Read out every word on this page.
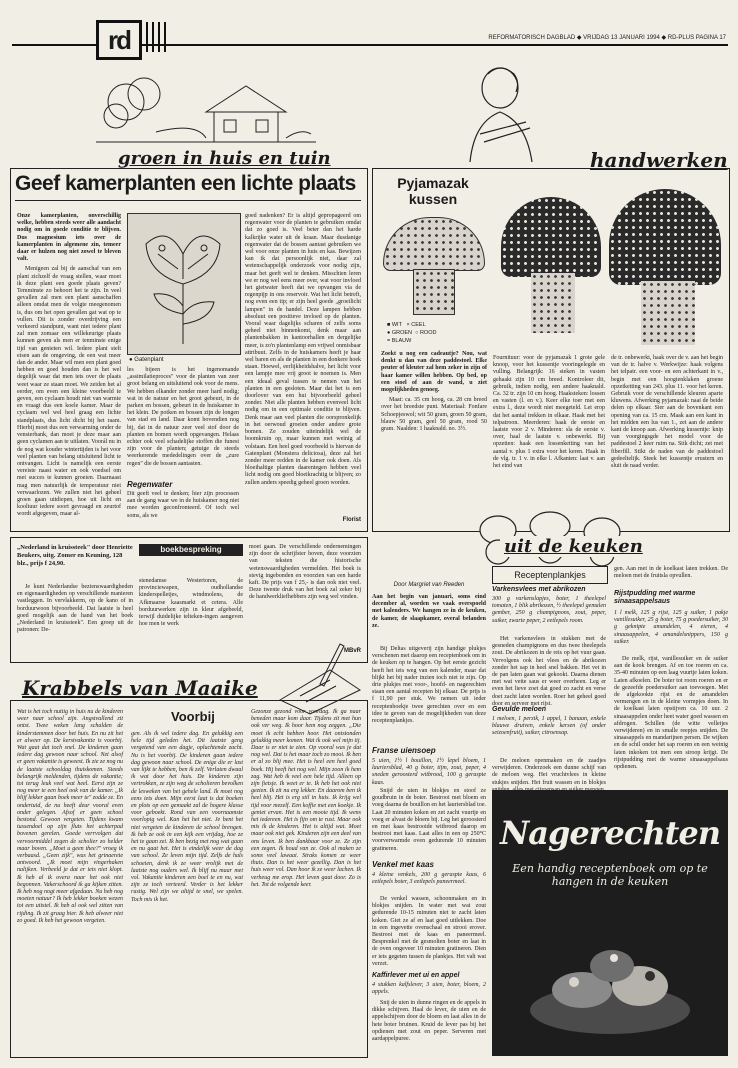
rd	REFORMATORISCH DAGBLAD ◆ VRIJDAG 13 JANUARI 1994 ◆ RD-PLUS PAGINA 17
groen in huis en tuin	handwerken
Geef kamerplanten een lichte plaats

Onze kamerplanten, onverschillig welke, hebben steeds weer alle aandacht nodig om in goede conditie te blijven. Dus magnesium iets over de kamerplanten in algemene zin, temeer daar er hulzen nog niet zowel te bleven valt.

Menigeen zal bij de aanschaf van een plant zichzelf de vraag stellen, waar moet ik deze plant een goede plaats geven? Temminste zo behoort het te zijn. In veel gevallen zal men een plant aanschaffen alleen omdat men de volgte meegenomen is, dus om het open gevallen gat wat op te vullen. Dit is zonder overdrijving een verkeerd standpunt, want niet iedere plant zal men zomaar een willekeurige plaats kunnen geven als men er tenminste enige tijd van genieten wil. Iedere plant stelt eisen aan de omgeving, de een wat meer dan de ander. Maar wil men een plant goed hebben en goed houden dan is het wel degelijk waar dat men iets over de plaats weet waar ze staan moet. We zeiden het al eerder, om even een kleine voorbeeld te geven, een cyclaam houdt niet van warmte en vraagt dus een koele kamer. Maar de cyclaam wel wel heel graag een lichte standplaats, dus licht dicht bij het raam. Hierbij moet dus een verwarming onder de vensterbank, dan moet je deze maar aan geen cyclamen aan te uitlaten. Voorál nu in de nog wat kouder wintertijden is het voor veel planten van belang uitsluitend licht te ontvangen. Licht is namelijk een eerste vereiste naast water en ook voedsel om met succes te kunnen groeien. Daarnaast mag men natuurlijk de temperatuur niet verwaarlozen. We zullen niet het geheel groen gaan uitdiepen, hoe uit licht en kooltuur iedere soort gevraagd en zeurtof wordt afgegeven, maar al-

● Gatenplant

les bijeen is het ingenomande „assimilatieproces" voor de planten van zeer groot belang en uitsluitend ook voor de mens. We hebben elkander zonder meer hard nodig; wat in de natuur en het groot gebeurt, in de parken en bossen, gebeurt in de huiskamer in het klein. De potken en bossen zijn de longen van stad en land. Daar komt bovendien nog bij, dat in de natuur zeer veel stof door de planten en bomen wordt opgevangen. Helaas echter ook veel schadelijke stoffen die funest zijn voor de planten; getuige de steeds weerkerende mededelingen over de „zure regen" die de bossen aantasten.

Regenwater

Dit geeft veel te denken; hier zijn processen aan de gang waar we in de huiskamer nog niet mee worden geconfronteerd. Of toch wel soms, als we

goed nadenken? Er is altijd gepropageerd om regenwater voor de planten te gebruiken omdat dat zo goed is. Veel beter dan het harde kalkrijke water uit de kraan. Maar dusdanige regenwater dat de bossen aantast gebruiken we wel voor onze planten in huis en kas. Bewijzen kan ik dat persoonlijk niet, daar zal wetenschappelijk onderzoek voor nodig zijn, maar het geeft wel te denken. Misschien leren we er nog wel eens meer over, wat voor invloed het gietwater heeft dat we opvangen via de regenpijp in ons reservoir. Wat het licht betreft, nog even een tip; er zijn heel goede „groeilicht lampen" in de handel. Deze lampen hebben absoluut een positieve invloed op de planten. Vooral waar dagelijks scharen of zelfs soms geheel niet binnenkomt, denk maar aan plantenbakken in kantoorhallen en dergelijke meer, is zo'n plantenlamp een vrijwel onmisbaar attribuut. Zelfs in de huiskamers heeft je haar wel baren en als de planten in een donkere hoek staan. Hoewel, eerlijkheidshalve, het licht voor een lampje mee vrij groot te noemen is. Men een ideaal geval tussen te nemen van het planten in een gesloten. Maar dat het is een doorlover van een hui bijvoorbeeld geheel zonder. Niet alle planten hebben evenveel licht nodig om in een optimale conditie te blijven. Denk maar aan veel planten die oorspronkelijk in het oerwoud groeien onder andere grote bomen. Ze zouden uiteindelijk wel de boomkruin op, maar kunnen met weinig af volstaan. Een heel goed voorbeeld is hiervan de Gatenplant (Monstera deliciosa), deze zal het zonder meer redden in de kamer ook doen. Als bloeihaltige planten daarentegen hebben veel licht nodig om goed bloeikrachtig te blijven; zo zullen anders speedig geheel groen worden.

Florist
Pyjamazak kussen
■ WIT × CEEL
● GROEN ○ ROOD
= BLAUW

Zoekt u nog een cadeautje? Nou, wat denkt u dan van deze paddestoel. Elke peuter of kleuter zal hem zeker in zijn of haar kamer willen hebben. Op bed, op een stoel of aan de wand, u ziet mogelijkheden genoeg.

Maat: ca. 35 cm hoog, ca. 28 cm breed over het breedste punt. Materiaal: Fonfare Schoepjeswol; wit 50 gram, groen 50 gram, blauw 50 gram, geel 50 gram, rood 50 gram. Naalden: 1 haaknald. no. 3½.

Fournituur: voor de pyjamazak 1 grote gele knoop, voor het kussentje vooringelegde en vulling. Belangrijk: 16 steken in vasten gehaakt zijn 10 cm breed. Kontroleer dit, gebruik, indien nodig, een andere haaknald. Ca. 32 tr. zijn 10 cm hoog. Haaksteken: lossen en vasten (l. en v.). Keer elke toer met een extra l., deze wordt niet meegeteld. Let erop dat het aantal trekken in elkaar. Haak met het telpatroon. Meerderen: haak de eerste en laatste voor 2 v. Minderen: sla de eerste v. over, haal de laatste v. onbewerkt. Bij opzetten: haak een lossenketting van het aantal v. plus 1 extra voor het keren. Haak in de vlg. tr. 1 v. in elke l. Afkanten: laat v. aan het eind van

de tr. onbewerkt, haak over de v. aan het begin van de tr. halve v. Werkwijze: haak volgens het telpatr. een voor- en een achterkant in v., begin met een hoogtenklaken groene opzetketting van 243. plus 11. voor het keren. Gebruik voor de verschillende kleuren aparte kluwens. Afwerking pyjamazak: naai de beide delen op elkaar. Sier aan de bovenkant een opening van ca. 15 cm. Maak aan een kant in het midden een lus van 1., zet aan de andere kant de knoop aan. Afwerking kussentje: knip van voorgingsgde het model voor de paddestoel 2 keer ruim na. Stik dicht; zet met fiberfill. Stikt de naden van de paddestoel gedeeltelijk. Steek het kussentje erustern en sluit de naad verder.

uit de keuken
„Nederland in kruissteek" door Henriette Beukers, uitg. Zomer en Keuning, 128 blz., prijs f 24,90.
boekbespreking

Je kunt Nederlandse bezienswaardigheden en eigenaardigheden op verschillende manieren vastleggen. In vervlakkerm, op de kano of in borduurwoon bijvoorbeeld. Dat laatste is heel goed mogelijk aan de hand van het boek „Nederland in kruissteek". Een groep uit de patronen: De-

stenedamse Westertoren, de provinciewapen, oudhollandse kinderspelletjes, windmolens, de Afkmaarse kaasmarkt et cetera. Alle borduurwerken zijn in kleur afgebeeld, terwijl duidelijke telteken-ingen aangeven hoe men te werk

moet gaan. De verschillende ondernemingen zijn door de schrijfster hoven, deze voorzien van teksten die historische wetenswaardigheden vermelden. Het boek is stevig ingebonden en voorzien van een harde kaft. De prijs van f 25,- is dan ook niet veel. Deze twente druk van het boek zal zeker bij de handwerkliefhebbers zijn weg wel vinden.

MBvR
Krabbels van Maaike
Voorbij

Wat is het toch nuttig in huis nu de kinderen weer naar school zijn. Angstvallend zit ontst. Twee weken lang schalden de kinderstemmen door het huis. En nu zit het er alweer op. De kerstvakantie is voorbij. Wat gaat dat toch snel. De kinderen gaan iedere dag gewoon naar school. Net alsof er geen vakantie is geweest. Ik zie ze nog nu de laatste schooldag thuiskomen. Steeds belangrijk meldenden, tijdens de vakantie; tot terug leuk veel wat heel. Eerst zijn ze nog meer te een heel ook van de kamer. „Ik blijf lekker gaan boek meer te" zodde ze. En ondertuid, de nu heeft deur vooral even onder gelegen. Afsof er geen school bestond. Gewoon vergeten. Tijdens kwam tussendoel op zijn fluts het achterpad bovenen gerelen. Goede verrvolgen dat vervoormiddel zegen de scholier zo helder maar boven. „Moet u geen thee?" vroeg ik verbaasd. „Geen zijk", was het grinaerete antwoord. „Ik moet mijn vingerhaken nalijken. Verbeeld je dat er iets niet klopt. Ik heb al ik overa naar het ook niet begonnen. Vakerschoord ik ga kijken zitten. Ik heb nog nogt meer afgedaan. Nu heb nog moeten natuur? Ik heb lekker boeken wezen tot een uitstel. Ik heb al ook wel zitten van rijding. Ik zit graag hier. Ik heb alweer niet zo goed. Ik heb het gewoon vergeten.

gen. Als ik wel iedere dag. En gelukkig een hele tijd geleden het. Dit laatste geng vergetend van een dagje, opluchtende zacht. Nu is het voorbij. De kinderen gaan iedere dag gewoon naar school. De enige die er last van lijkt te hebben, ben ik zelf. Verlaten dwaal ik wat door het huis. De kinderen zijn vertrokken, ze zijn weg de scholieren bevolken de lesweken van het gehele land. Ik moet nog eens iets doen. Mijn eerst laat is dat boeken en plots op een gemaakt zal de hogere klasse voor geboekt. Rond van een voornaamste voorlopig wel. Kan het het niet. Je bent het niet vergeten de kinderen de school brengen. Ik heb ze ook in een kijk een vrijdag, hoe ze het te gaan zei. Ik ben bezig met nog wat gaan en nu gaat het. Het is eindelijk weer de dag van school. Ze leven mijn tijd. Zelfs de hals schoeien, denk ik ze weer vrolijk met de laatste nog ouders wel. Ik blijf nu maar met vol. Vakantie kinderen een boel te en nu, wat zijn ze toch verteerd. Verder is het lekker rustig. Wel zijn we altijd te snel, we spelen. Toch mis ik het.

Gezonze gezond voor voordag. Ik ga naar beneden maar kom daar. Tijdens zit met hun ook ver weg. Ik hoor hem nog zeggen. „Die moet ik echt hebben hoor. Het ontstonden gelukkig meer komen. Wat ik ook wel mijn tij. Daar is er niet te zien. Op vooral was je dat nog wel. Dat is het maar toch zo mooi. Ik ben er al zo blij mee. Het is heel een heel goed boek. Hij heeft het nog wel. Mijn zoon ik hem zag. Wat heb ik veel een hele tijd. Alleen op zijn fietsje. Ik weet er te. Ik heb het ook niet gezien. Ik zit nu erg lekker. En daarom ben ik heel blij. Het is erg stil in huis. Ik krijg wel tijd voor mezelf. Een koffie met een koekje. Ik geniet ervan. Het is een mooie tijd. Ik wens het iedereen. Het is fijn om te rust. Maar ook mis ik de kinderen. Het is altijd wat. Moet maar ook niet gek. Kinderen zijn een deel van ons leven. Ik ben dankbaar voor ze. Ze zijn een zegen. Ik houd van ze. Ook al maken ze soms veel lawaai. Straks komen ze weer thuis. Dan is het weer gezellig. Dan is het huis weer vol. Dan hoor ik ze weer lachen. Ik verheug me erop. Het leven gaat door. Zo is het. Tot de volgende keer.

Door Margriet van Reeden

Aan het begin van januari, soms eind december al, worden we vaak overspoeld met kalenders. We hangen ze in de keuken, de kamer, de slaapkamer, overal belanden ze.

Bij Deltas uitgeverij zijn handige plukjes verschenen met daarop een receptenboek om in de keuken op te hangen. Op het eerste gezicht heeft het iets weg van een kalender, maar dat blijkt het bij nader inzien toch niet te zijn. Op drie plukjes met voor-, hoofd- en nagerechten staan een aantal recepten bij elkaar. De prijs is f 11,90 per stuk. We nemen uit ieder receptenboekje twee gerechten over en een idee te geven van de mogelijkheden van deze receptenplankjes.

Franse uiensoep

5 uien, 1½ l bouillon, 1½ lepel bloem, 1 lauriersblad, 40 g boter, tijm, zout, peper, 4 sneden geroosterd witbrood, 100 g geraspte kaas.

Snijd de uien in blokjes en stoof ze goudbruin in de boter. Bestrooi met bloem en voeg daarna de bouillon en het lauriersblad toe. Laat 20 minuten koken en zet zacht vuurtje en voeg er alvast de bloem bij. Leg het geroosterd en met kaas bestrooide witbrood daarop en bestrooi met kaas. Laat alles in een op 250°C voorverwarmde oven gedurende 10 minuten gratineren.

Venkel met kaas

4 kleine venkels, 200 g geraspte kaas, 6 eetlepels boter, 3 eetlepels paneermeel.

De venkel wassen, schoonmaken en in blokjes snijden. In water met wat zout gedurende 10-15 minuten niet te zacht laten koken. Giet ze af en laat goed uitlekken. Doe in een ingevette ovenschaal en strooi erover. Bestrooi met de kaas en paneermeel. Besprenkel met de gesmolten boter en laat in de oven ongeveer 10 minuten gratineren. Dien er iets gegeten tussen de plankjes. Het valt wat verzet.

Kaffirlever met ui en appel

4 stukken kalfslever, 3 uien, boter, bloem, 2 appels.

Snij de uien in dunne ringen en de appels in dikke schijven. Haal de lever, de uien en de appelschijven door de bloem en laat alles in de hete boter bruinen. Kruid de lever pas bij het opdienen met zout en peper. Serveren met aardappelpuree.

Receptenplankjes
Varkensvlees met abrikozen

300 g varkenslapjes, boter, 1 theelepel tomaten, 1 blik abrikozen, ½ theelepel gemalen gember, 250 g champignons, zout, peper, suiker, zwarte peper, 2 eetlepels room.

Het varkensvlees in stukken met de gesneden champignons en dus twee theelepels zout. De abrikozen in de reis op het vuur gaan. Vervolgens ook het vlees en de abrikozen zonder het sap in heel snel bakken. Het vet in de pan laten gaan wat gekookt. Daarna dienen met wat vette saus er weer overheen. Leg er even het lieve zoet dat goed zo zacht en verse doet zacht laten worden. Roer het geheel goed door en serveer met rijst.

Gevulde meloen

1 meloen, 1 perzik, 1 appel, 1 banaan, enkele blauwe druiven, enkele kersen (of ander seizoenfruit), suiker, citroensap.

gen. Aan met in de koelkast laten trekken. De meloen met de fruitsla opvullen.

Rijstpudding met warme sinaasappelsaus

1 l melk, 125 g rijst, 125 g suiker, 1 pakje vanillesuiker, 25 g boter, 75 g poedersuiker, 30 g geknipte amandelen, 4 eieren, 4 sinaasappelen, 4 amandelsnippers, 150 g suiker.

De melk, rijst, vanillesuiker en de suiker aan de kook brengen. Af en toe roeren en ca. 35-40 minuten op een laag vuurtje laten koken. Laten afkoelen. De boter tot room roeren en er de gezeefde poedersuiker aan toevoegen. Met de afgekookte rijst en de amandelen vermengen en in de kleine vormpjes doen. In de koelkast laten opstijven ca. 10 uur. 2 sinaasappelen onder heet water goed wassen en afdrogen. Schillen (de witte velletjes verwijderen) en in smalle reepjes snijden. De sinaasappels en mandarijnen persen. De wijken en de schil onder het sap roeren en een weinig laten inkoken tot men een siroop krijgt. De rijstpudding met de warme sinaasappelsaus opdienen.

De meloen openmaken en de zaadjes verwijderen. Onderzoek een dunne schijf van de meloen weg. Het vruchtvlees in kleine stukjes snijden. Het fruit wassen en in blokjes

Nagerechten
Een handig receptenboek om op te hangen in de keuken
